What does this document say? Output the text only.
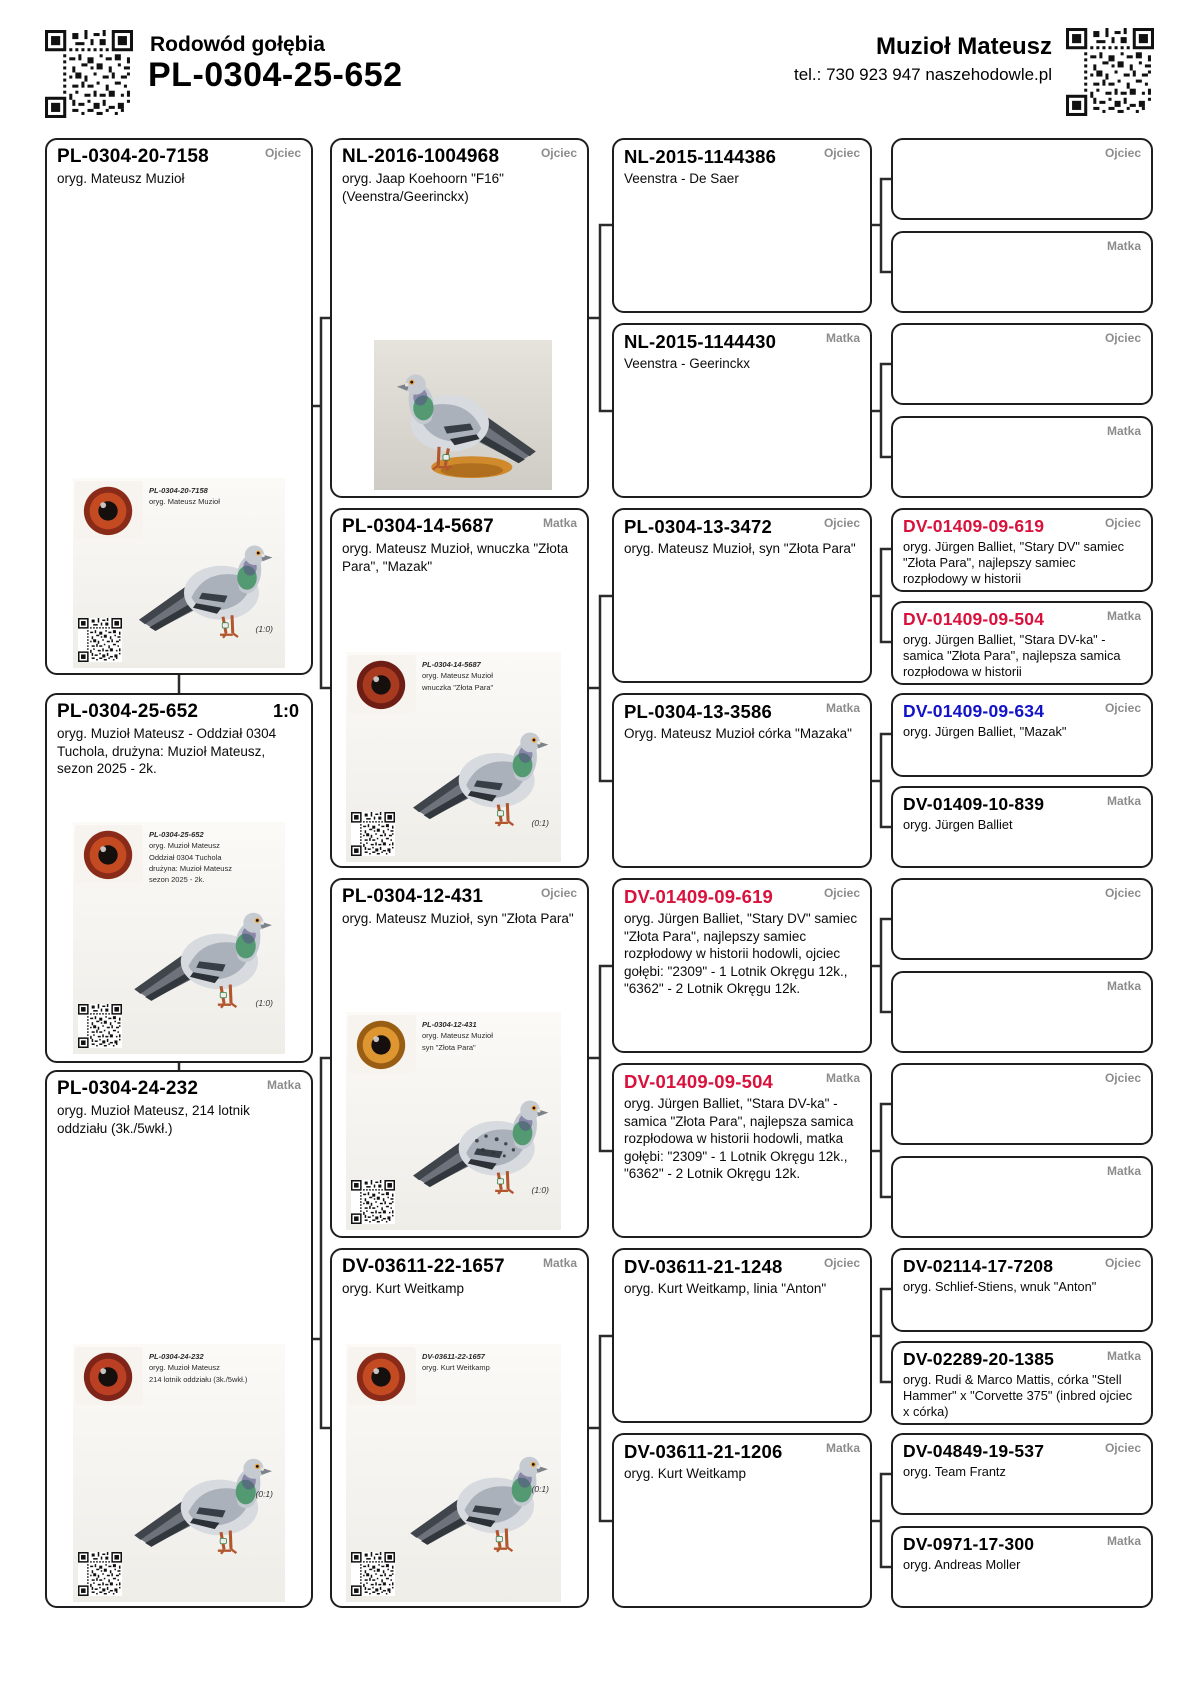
Rodowód gołębia
PL-0304-25-652
Muzioł Mateusz
tel.: 730 923 947 naszehodowle.pl
Ojciec
PL-0304-20-7158
oryg. Mateusz Muzioł
PL-0304-20-7158
oryg. Mateusz Muzioł
(1:0)
PL-0304-25-652	1:0
oryg. Muzioł Mateusz - Oddział 0304 Tuchola, drużyna: Muzioł Mateusz, sezon 2025 - 2k.
PL-0304-25-652
oryg. Muzioł Mateusz
Oddział 0304 Tuchola
drużyna: Muzioł Mateusz
sezon 2025 - 2k.
(1:0)
Matka
PL-0304-24-232
oryg. Muzioł Mateusz, 214 lotnik oddziału (3k./5wkł.)
PL-0304-24-232
oryg. Muzioł Mateusz
214 lotnik oddziału (3k./5wkł.)
(0:1)
Ojciec
NL-2016-1004968
oryg. Jaap Koehoorn "F16" (Veenstra/Geerinckx)
Matka
PL-0304-14-5687
oryg. Mateusz Muzioł, wnuczka "Złota Para", "Mazak"
PL-0304-14-5687
oryg. Mateusz Muzioł
wnuczka "Złota Para"
(0:1)
Ojciec
PL-0304-12-431
oryg. Mateusz Muzioł, syn "Złota Para"
PL-0304-12-431
oryg. Mateusz Muzioł
syn "Złota Para"
(1:0)
Matka
DV-03611-22-1657
oryg. Kurt Weitkamp
DV-03611-22-1657
oryg. Kurt Weitkamp
(0:1)
Ojciec
NL-2015-1144386
Veenstra - De Saer
Matka
NL-2015-1144430
Veenstra - Geerinckx
Ojciec
PL-0304-13-3472
oryg. Mateusz Muzioł, syn "Złota Para"
Matka
PL-0304-13-3586
Oryg. Mateusz Muzioł córka "Mazaka"
Ojciec
DV-01409-09-619
oryg. Jürgen Balliet, "Stary DV" samiec "Złota Para", najlepszy samiec rozpłodowy w historii hodowli, ojciec gołębi: "2309" - 1 Lotnik Okręgu 12k., "6362" - 2 Lotnik Okręgu 12k.
Matka
DV-01409-09-504
oryg. Jürgen Balliet, "Stara DV-ka" - samica "Złota Para", najlepsza samica rozpłodowa w historii hodowli, matka gołębi: "2309" - 1 Lotnik Okręgu 12k., "6362" - 2 Lotnik Okręgu 12k.
Ojciec
DV-03611-21-1248
oryg. Kurt Weitkamp, linia "Anton"
Matka
DV-03611-21-1206
oryg. Kurt Weitkamp
Ojciec
Matka
Ojciec
Matka
Ojciec
DV-01409-09-619
oryg. Jürgen Balliet, "Stary DV" samiec "Złota Para", najlepszy samiec rozpłodowy w historii
Matka
DV-01409-09-504
oryg. Jürgen Balliet, "Stara DV-ka" - samica "Złota Para", najlepsza samica rozpłodowa w historii
Ojciec
DV-01409-09-634
oryg. Jürgen Balliet, "Mazak"
Matka
DV-01409-10-839
oryg. Jürgen Balliet
Ojciec
Matka
Ojciec
Matka
Ojciec
DV-02114-17-7208
oryg. Schlief-Stiens, wnuk "Anton"
Matka
DV-02289-20-1385
oryg. Rudi & Marco Mattis, córka "Stell Hammer" x "Corvette 375" (inbred ojciec x córka)
Ojciec
DV-04849-19-537
oryg. Team Frantz
Matka
DV-0971-17-300
oryg. Andreas Moller
